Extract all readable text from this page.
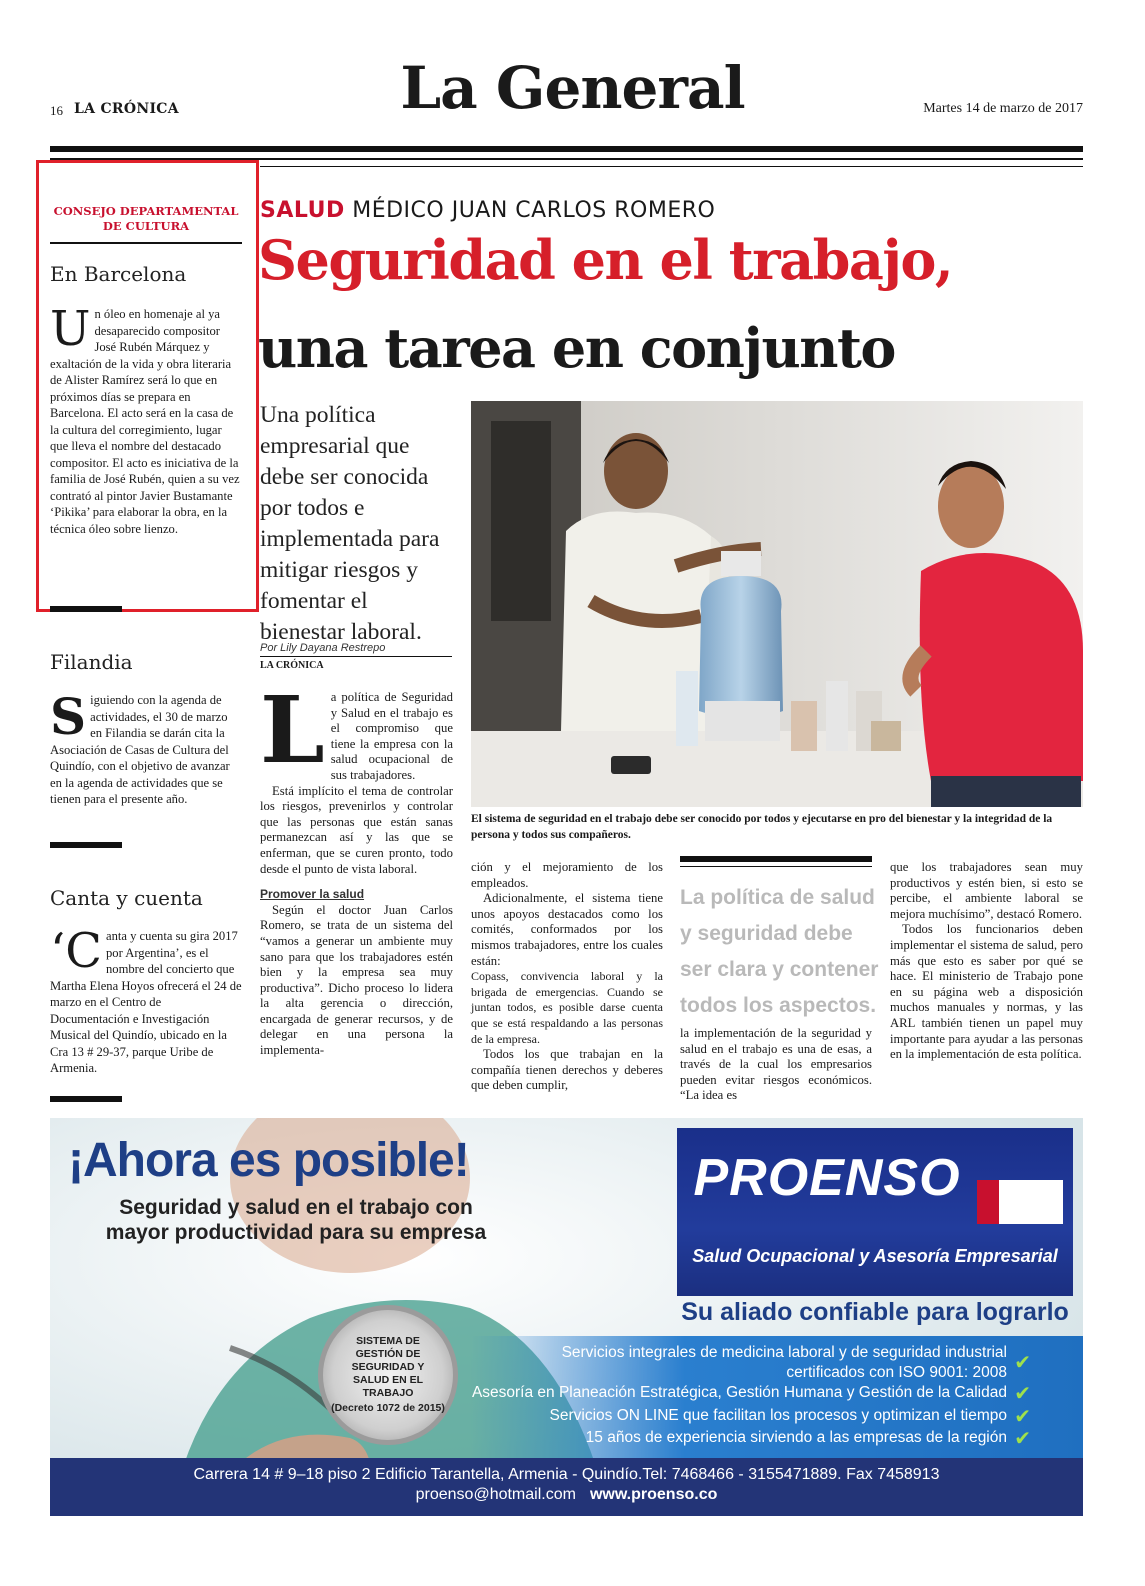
16 LA CRÓNICA	La General	Martes 14 de marzo de 2017
CONSEJO DEPARTAMENTAL DE CULTURA
En Barcelona
Un óleo en homenaje al ya desaparecido compositor José Rubén Márquez y exaltación de la vida y obra literaria de Alister Ramírez será lo que en próximos días se prepara en Barcelona. El acto será en la casa de la cultura del corregimiento, lugar que lleva el nombre del destacado compositor. El acto es iniciativa de la familia de José Rubén, quien a su vez contrató al pintor Javier Bustamante ‘Pikika’ para elaborar la obra, en la técnica óleo sobre lienzo.
Filandia
Siguiendo con la agenda de actividades, el 30 de marzo en Filandia se darán cita la Asociación de Casas de Cultura del Quindío, con el objetivo de avanzar en la agenda de actividades que se tienen para el presente año.
Canta y cuenta
‘Canta y cuenta su gira 2017 por Argentina’, es el nombre del concierto que Martha Elena Hoyos ofrecerá el 24 de marzo en el Centro de Documentación e Investigación Musical del Quindío, ubicado en la Cra 13 # 29-37, parque Uribe de Armenia.
SALUD MÉDICO JUAN CARLOS ROMERO
Seguridad en el trabajo,
una tarea en conjunto
Una política empresarial que debe ser conocida por todos e implementada para mitigar riesgos y fomentar el bienestar laboral.
Por Lily Dayana Restrepo
LA CRÓNICA
El sistema de seguridad en el trabajo debe ser conocido por todos y ejecutarse en pro del bienestar y la integridad de la persona y todos sus compañeros.

La política de Seguridad y Salud en el trabajo es el compromiso que tiene la empresa con la salud ocupacional de sus trabajadores.

Está implícito el tema de controlar los riesgos, prevenirlos y controlar que las personas que están sanas permanezcan así y las que se enferman, que se curen pronto, todo desde el punto de vista laboral.

Promover la salud

Según el doctor Juan Carlos Romero, se trata de un sistema del “vamos a generar un ambiente muy sano para que los trabajadores estén bien y la empresa sea muy productiva”. Dicho proceso lo lidera la alta gerencia o dirección, encargada de generar recursos, y de delegar en una persona la implementa-

ción y el mejoramiento de los empleados.

Adicionalmente, el sistema tiene unos apoyos destacados como los comités, conformados por los mismos trabajadores, entre los cuales están:

Copass, convivencia laboral y la brigada de emergencias. Cuando se juntan todos, es posible darse cuenta que se está respaldando a las personas de la empresa.

Todos los que trabajan en la compañía tienen derechos y deberes que deben cumplir,

La política de salud y seguridad debe ser clara y contener todos los aspectos.

la implementación de la seguridad y salud en el trabajo es una de esas, a través de la cual los empresarios pueden evitar riesgos económicos. “La idea es

que los trabajadores sean muy productivos y estén bien, si esto se percibe, el ambiente laboral se mejora muchísimo”, destacó Romero.

Todos los funcionarios deben implementar el sistema de salud, pero más que esto es saber por qué se hace. El ministerio de Trabajo pone en su página web a disposición muchos manuales y normas, y las ARL también tienen un papel muy importante para ayudar a las personas en la implementación de esta política.

¡Ahora es posible!
Seguridad y salud en el trabajo con mayor productividad para su empresa
SISTEMA DE GESTIÓN DE SEGURIDAD Y SALUD EN EL TRABAJO
(Decreto 1072 de 2015)
PROENSO
Salud Ocupacional y Asesoría Empresarial
Su aliado confiable para lograrlo
Servicios integrales de medicina laboral y de seguridad industrial
certificados con ISO 9001: 2008 ✔
Asesoría en Planeación Estratégica, Gestión Humana y Gestión de la Calidad ✔
Servicios ON LINE que facilitan los procesos y optimizan el tiempo ✔
15 años de experiencia sirviendo a las empresas de la región ✔
Carrera 14 # 9–18 piso 2 Edificio Tarantella, Armenia - Quindío.Tel: 7468466 - 3155471889. Fax 7458913
proenso@hotmail.com www.proenso.co
